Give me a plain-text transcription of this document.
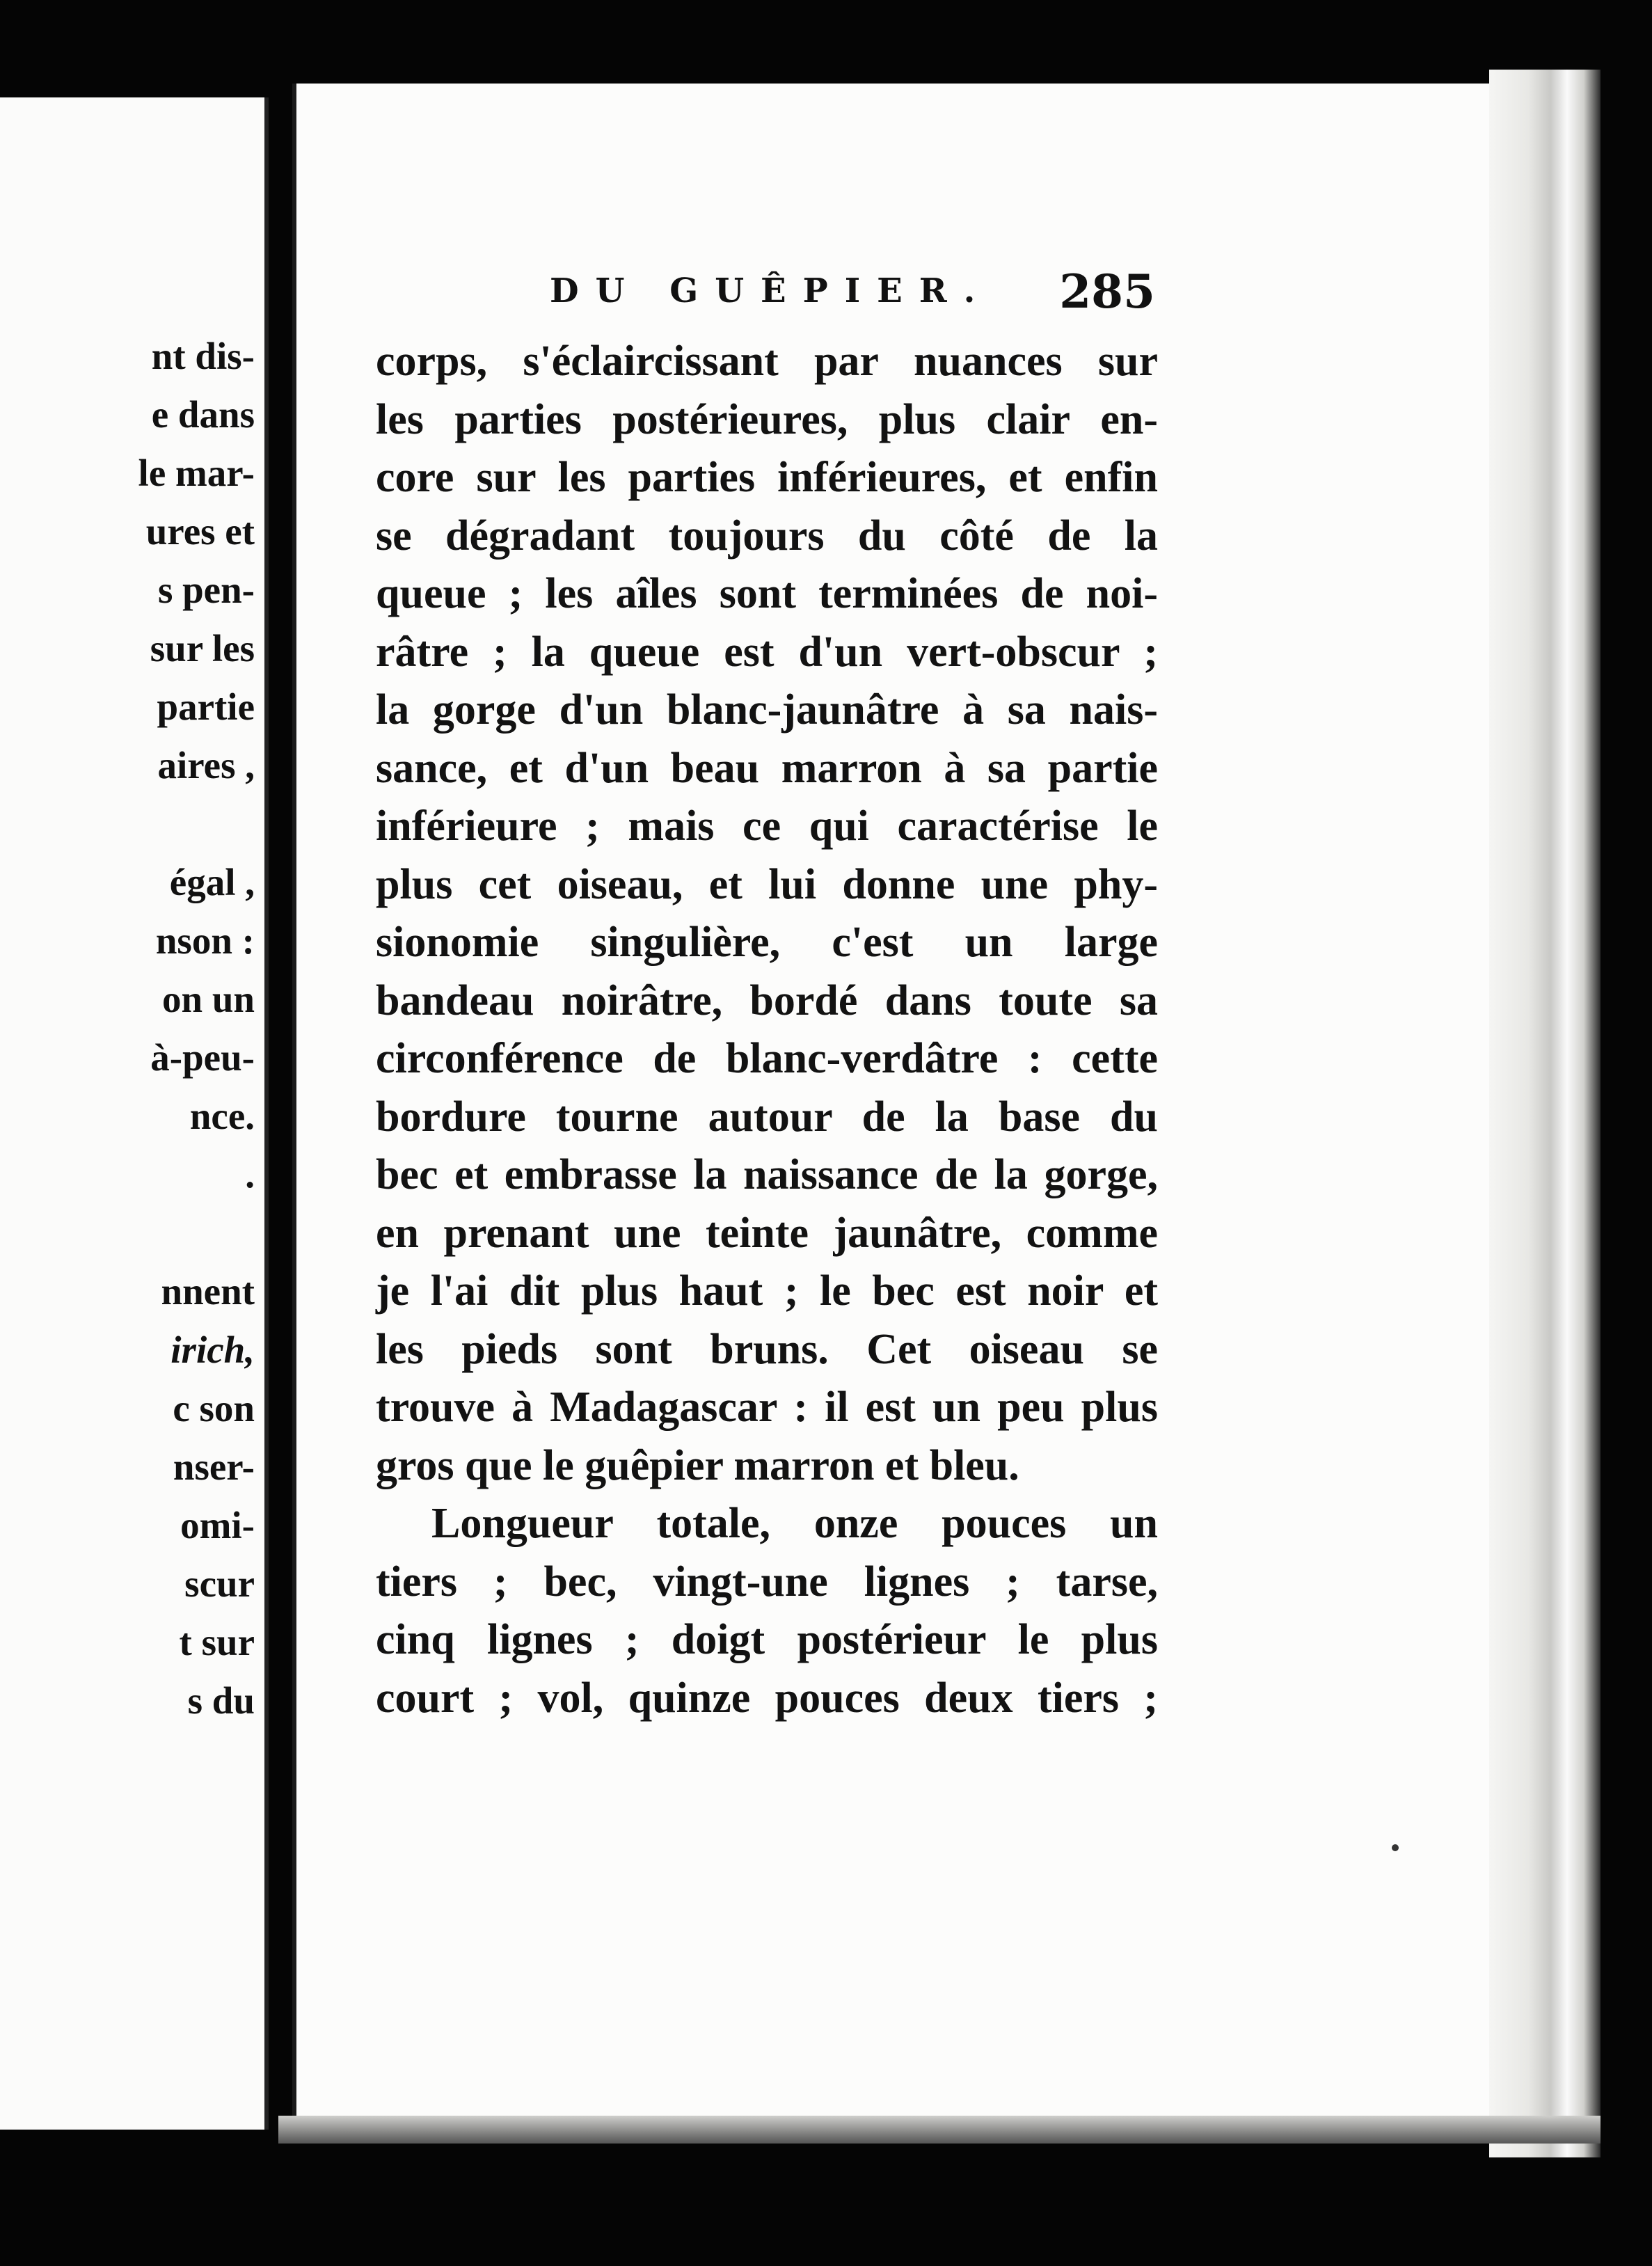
nt dis-
e dans
le mar-
ures et
s pen-
sur les
partie
aires ,
égal ,
nson :
on un
à-peu-
nce.
.
nnent
irich,
c son
nser-
omi-
scur
t sur
s du
DU GUÊPIER. 285
corps, s'éclaircissant par nuances sur
les parties postérieures, plus clair en-
core sur les parties inférieures, et enfin
se dégradant toujours du côté de la
queue ; les aîles sont terminées de noi-
râtre ; la queue est d'un vert-obscur ;
la gorge d'un blanc-jaunâtre à sa nais-
sance, et d'un beau marron à sa partie
inférieure ; mais ce qui caractérise le
plus cet oiseau, et lui donne une phy-
sionomie singulière, c'est un large
bandeau noirâtre, bordé dans toute sa
circonférence de blanc-verdâtre : cette
bordure tourne autour de la base du
bec et embrasse la naissance de la gorge,
en prenant une teinte jaunâtre, comme
je l'ai dit plus haut ; le bec est noir et
les pieds sont bruns. Cet oiseau se
trouve à Madagascar : il est un peu plus
gros que le guêpier marron et bleu.
Longueur totale, onze pouces un
tiers ; bec, vingt-une lignes ; tarse,
cinq lignes ; doigt postérieur le plus
court ; vol, quinze pouces deux tiers ;
